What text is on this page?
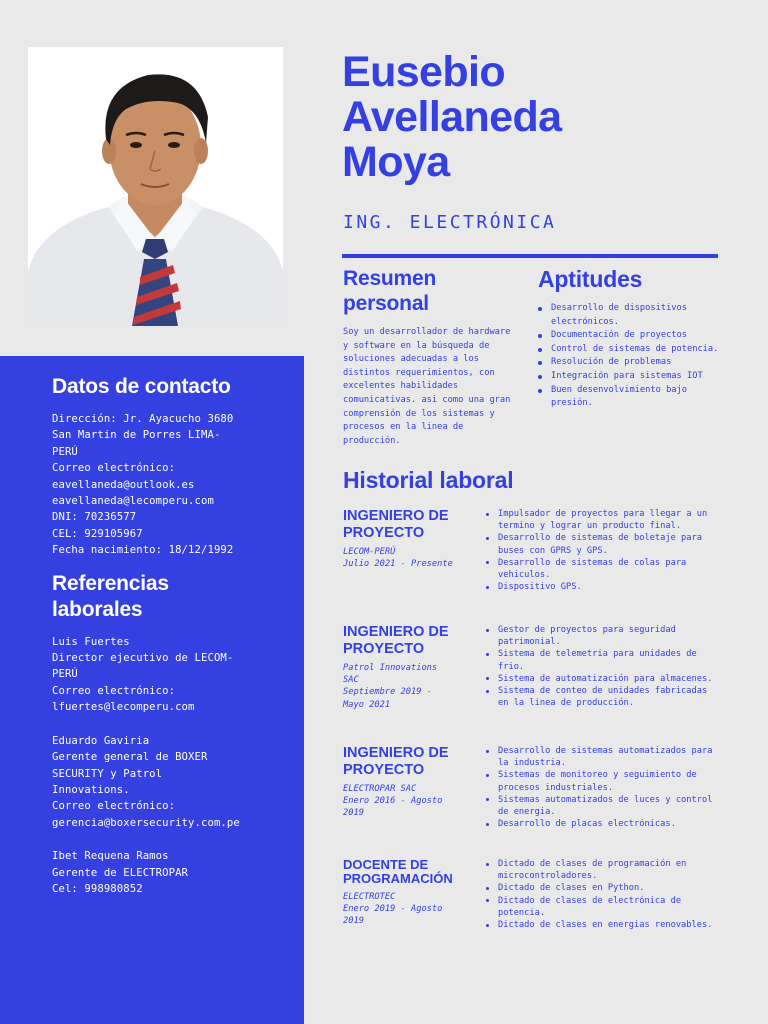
Datos de contacto
Dirección: Jr. Ayacucho 3680
San Martin de Porres LIMA-
PERÚ
Correo electrónico:
eavellaneda@outlook.es
eavellaneda@lecomperu.com
DNI: 70236577
CEL: 929105967
Fecha nacimiento: 18/12/1992
Referencias
laborales
Luis Fuertes
Director ejecutivo de LECOM-
PERÚ
Correo electrónico:
lfuertes@lecomperu.com
Eduardo Gaviria
Gerente general de BOXER
SECURITY y Patrol
Innovations.
Correo electrónico:
gerencia@boxersecurity.com.pe
Ibet Requena Ramos
Gerente de ELECTROPAR
Cel: 998980852
Eusebio
Avellaneda
Moya
ING. ELECTRÓNICA
Resumen
personal
Soy un desarrollador de hardware y software en la búsqueda de soluciones adecuadas a los distintos requerimientos, con excelentes habilidades comunicativas. asi como una gran comprensión de los sistemas y procesos en la linea de producción.
Aptitudes
Desarrollo de dispositivos electrónicos.
Documentación de proyectos
Control de sistemas de potencia.
Resolución de problemas
Integración para sistemas IOT
Buen desenvolvimiento bajo presión.
Historial laboral
INGENIERO DE
PROYECTO
LECOM-PERÚ
Julio 2021 - Presente
Impulsador de proyectos para llegar a un termino y lograr un producto final.
Desarrollo de sistemas de boletaje para buses con GPRS y GPS.
Desarrollo de sistemas de colas para vehiculos.
Dispositivo GPS.
INGENIERO DE
PROYECTO
Patrol Innovations SAC
Septiembre 2019 - Mayo 2021
Gestor de proyectos para seguridad patrimonial.
Sistema de telemetria para unidades de frio.
Sistema de automatización para almacenes.
Sistema de conteo de unidades fabricadas en la linea de producción.
INGENIERO DE
PROYECTO
ELECTROPAR SAC
Enero 2016 - Agosto 2019
Desarrollo de sistemas automatizados para la industria.
Sistemas de monitoreo y seguimiento de procesos industriales.
Sistemas automatizados de luces y control de energia.
Desarrollo de placas electrónicas.
DOCENTE DE
PROGRAMACIÓN
ELECTROTEC
Enero 2019 - Agosto 2019
Dictado de clases de programación en microcontroladores.
Dictado de clases en Python.
Dictado de clases de electrónica de potencia.
Dictado de clases en energias renovables.
